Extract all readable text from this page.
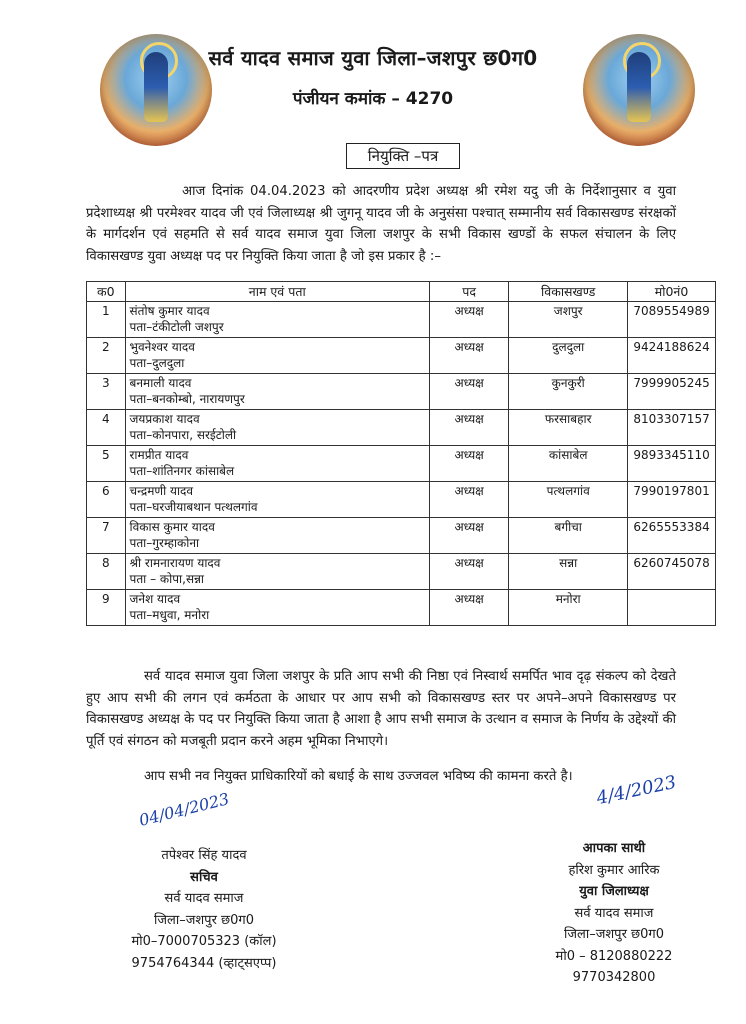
सर्व यादव समाज युवा जिला–जशपुर छ0ग0
पंजीयन कमांक – 4270
नियुक्ति –पत्र

आज दिनांक 04.04.2023 को आदरणीय प्रदेश अध्यक्ष श्री रमेश यदु जी के निर्देशानुसार व युवा प्रदेशाध्यक्ष श्री परमेश्वर यादव जी एवं जिलाध्यक्ष श्री जुगनू यादव जी के अनुसंसा पश्चात् सम्मानीय सर्व विकासखण्ड संरक्षकों के मार्गदर्शन एवं सहमति से सर्व यादव समाज युवा जिला जशपुर के सभी विकास खण्डों के सफल संचालन के लिए विकासखण्ड युवा अध्यक्ष पद पर नियुक्ति किया जाता है जो इस प्रकार है :–

क0	नाम एवं पता	पद	विकासखण्ड	मो0नं0
1	संतोष कुमार यादव
पता–टंकीटोली जशपुर	अध्यक्ष	जशपुर	7089554989
2	भुवनेश्वर यादव
पता–दुलदुला	अध्यक्ष	दुलदुला	9424188624
3	बनमाली यादव
पता–बनकोम्बो, नारायणपुर	अध्यक्ष	कुनकुरी	7999905245
4	जयप्रकाश यादव
पता–कोनपारा, सरईटोली	अध्यक्ष	फरसाबहार	8103307157
5	रामप्रीत यादव
पता–शांतिनगर कांसाबेल	अध्यक्ष	कांसाबेल	9893345110
6	चन्द्रमणी यादव
पता–घरजीयाबथान पत्थलगांव	अध्यक्ष	पत्थलगांव	7990197801
7	विकास कुमार यादव
पता–गुरम्हाकोना	अध्यक्ष	बगीचा	6265553384
8	श्री रामनारायण यादव
पता – कोपा,सन्ना	अध्यक्ष	सन्ना	6260745078
9	जनेश यादव
पता–मधुवा, मनोरा	अध्यक्ष	मनोरा	

सर्व यादव समाज युवा जिला जशपुर के प्रति आप सभी की निष्ठा एवं निस्वार्थ समर्पित भाव दृढ़ संकल्प को देखते हुए आप सभी की लगन एवं कर्मठता के आधार पर आप सभी को विकासखण्ड स्तर पर अपने–अपने विकासखण्ड पर विकासखण्ड अध्यक्ष के पद पर नियुक्ति किया जाता है आशा है आप सभी समाज के उत्थान व समाज के निर्णय के उद्देश्यों की पूर्ति एवं संगठन को मजबूती प्रदान करने अहम भूमिका निभाएगे।

आप सभी नव नियुक्त प्राधिकारियों को बधाई के साथ उज्जवल भविष्य की कामना करते है।

04/04/2023	4/4/2023
तपेश्वर सिंह यादव
सचिव
सर्व यादव समाज
जिला–जशपुर छ0ग0
मो0–7000705323 (कॉल)
9754764344 (व्हाट्सएप्प)
आपका साथी
हरिश कुमार आरिक
युवा जिलाध्यक्ष
सर्व यादव समाज
जिला–जशपुर छ0ग0
मो0 – 8120880222
9770342800
